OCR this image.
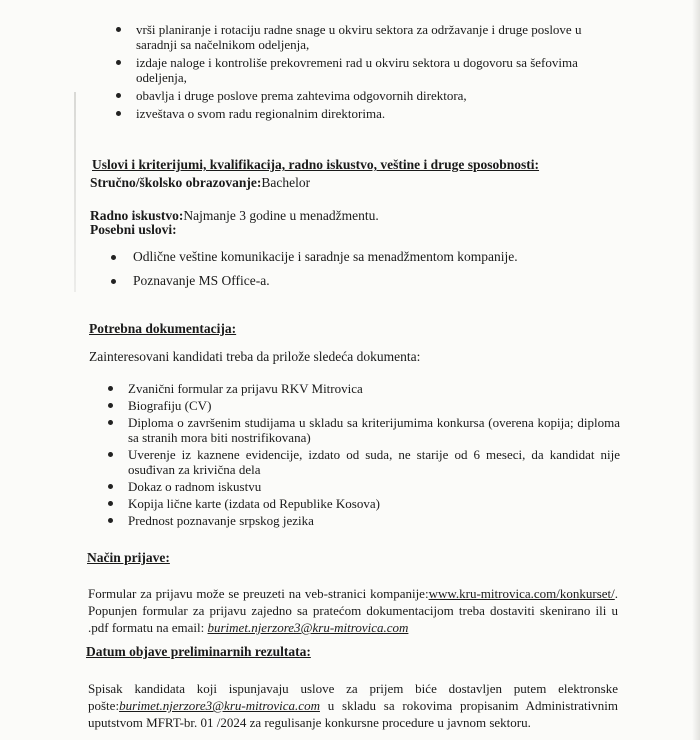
vrši planiranje i rotaciju radne snage u okviru sektora za održavanje i druge poslove u saradnji sa načelnikom odeljenja,
izdaje naloge i kontroliše prekovremeni rad u okviru sektora u dogovoru sa šefovima odeljenja,
obavlja i druge poslove prema zahtevima odgovornih direktora,
izveštava o svom radu regionalnim direktorima.
Uslovi i kriterijumi, kvalifikacija, radno iskustvo, veštine i druge sposobnosti:
Stručno/školsko obrazovanje:Bachelor
Radno iskustvo:Najmanje 3 godine u menadžmentu.
Posebni uslovi:
Odlične veštine komunikacije i saradnje sa menadžmentom kompanije.
Poznavanje MS Office-a.
Potrebna dokumentacija:
Zainteresovani kandidati treba da prilože sledeća dokumenta:
Zvanični formular za prijavu RKV Mitrovica
Biografiju (CV)
Diploma o završenim studijama u skladu sa kriterijumima konkursa (overena kopija; diploma sa stranih mora biti nostrifikovana)
Uverenje iz kaznene evidencije, izdato od suda, ne starije od 6 meseci, da kandidat nije osuđivan za krivična dela
Dokaz o radnom iskustvu
Kopija lične karte (izdata od Republike Kosova)
Prednost poznavanje srpskog jezika
Način prijave:
Formular za prijavu može se preuzeti na veb-stranici kompanije:www.kru-mitrovica.com/konkurset/. Popunjen formular za prijavu zajedno sa pratećom dokumentacijom treba dostaviti skenirano ili u .pdf formatu na email: burimet.njerzore3@kru-mitrovica.com
Datum objave preliminarnih rezultata:
Spisak kandidata koji ispunjavaju uslove za prijem biće dostavljen putem elektronske pošte:burimet.njerzore3@kru-mitrovica.com u skladu sa rokovima propisanim Administrativnim uputstvom MFRT-br. 01 /2024 za regulisanje konkursne procedure u javnom sektoru.
